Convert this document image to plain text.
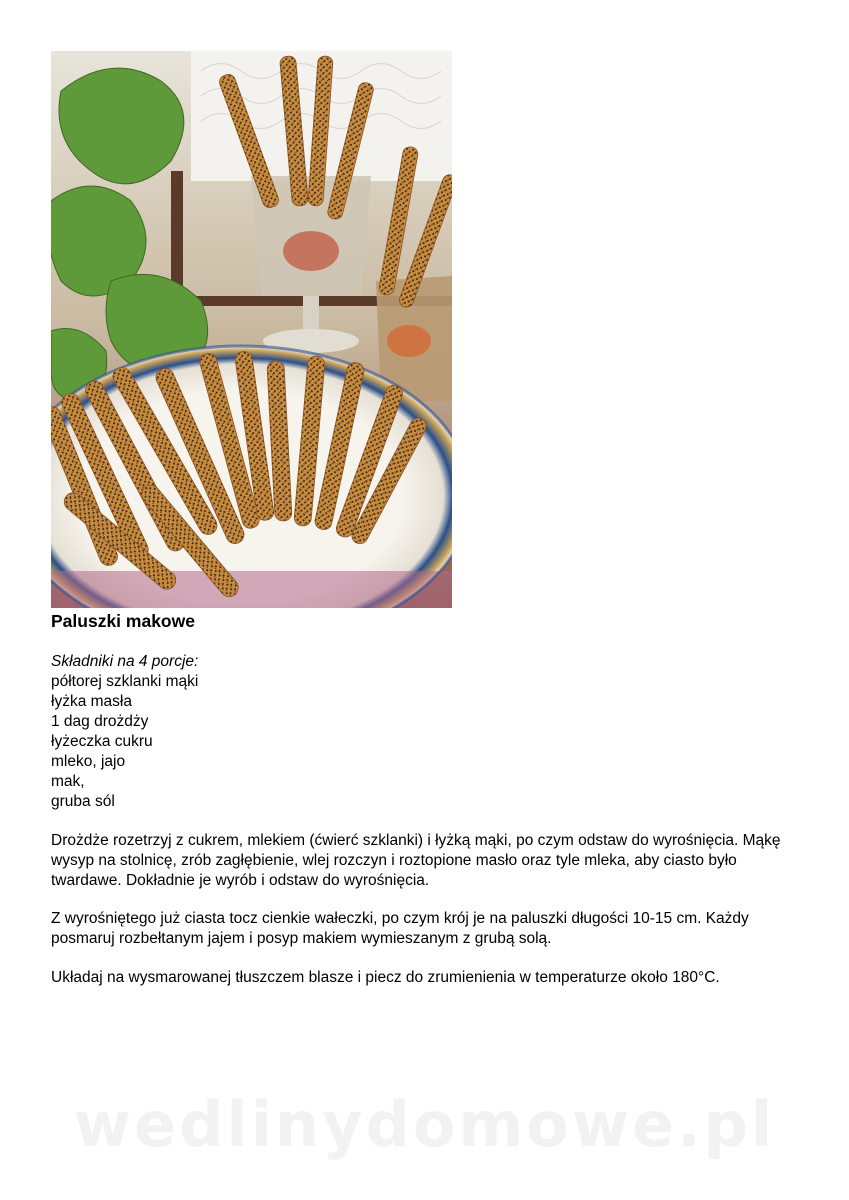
Paluszki makowe
Składniki na 4 porcje:
półtorej szklanki mąki
łyżka masła
1 dag drożdży
łyżeczka cukru
mleko, jajo
mak,
gruba sól
Drożdże rozetrzyj z cukrem, mlekiem (ćwierć szklanki) i łyżką mąki, po czym odstaw do wyrośnięcia. Mąkę wysyp na stolnicę, zrób zagłębienie, wlej rozczyn i roztopione masło oraz tyle mleka, aby ciasto było twardawe. Dokładnie je wyrób i odstaw do wyrośnięcia.
Z wyrośniętego już ciasta tocz cienkie wałeczki, po czym krój je na paluszki długości 10-15 cm. Każdy posmaruj rozbełtanym jajem i posyp makiem wymieszanym z grubą solą.
Układaj na wysmarowanej tłuszczem blasze i piecz do zrumienienia w temperaturze około 180°C.
wedlinydomowe.pl
